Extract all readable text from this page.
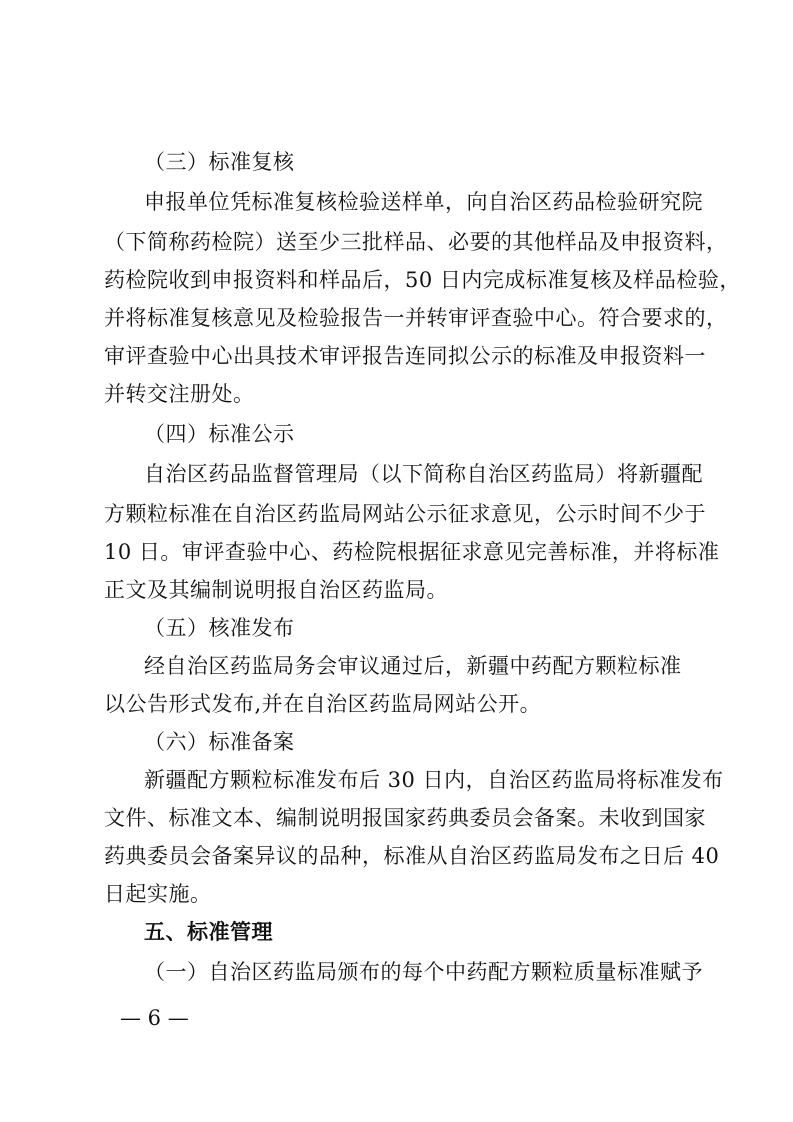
（三）标准复核
申报单位凭标准复核检验送样单，向自治区药品检验研究院
（下简称药检院）送至少三批样品、必要的其他样品及申报资料，
药检院收到申报资料和样品后，50 日内完成标准复核及样品检验，
并将标准复核意见及检验报告一并转审评查验中心。符合要求的，
审评查验中心出具技术审评报告连同拟公示的标准及申报资料一
并转交注册处。
（四）标准公示
自治区药品监督管理局（以下简称自治区药监局）将新疆配
方颗粒标准在自治区药监局网站公示征求意见，公示时间不少于
10 日。审评查验中心、药检院根据征求意见完善标准，并将标准
正文及其编制说明报自治区药监局。
（五）核准发布
经自治区药监局务会审议通过后，新疆中药配方颗粒标准
以公告形式发布,并在自治区药监局网站公开。
（六）标准备案
新疆配方颗粒标准发布后 30 日内，自治区药监局将标准发布
文件、标准文本、编制说明报国家药典委员会备案。未收到国家
药典委员会备案异议的品种，标准从自治区药监局发布之日后 40
日起实施。
五、标准管理
（一）自治区药监局颁布的每个中药配方颗粒质量标准赋予
— 6 —
